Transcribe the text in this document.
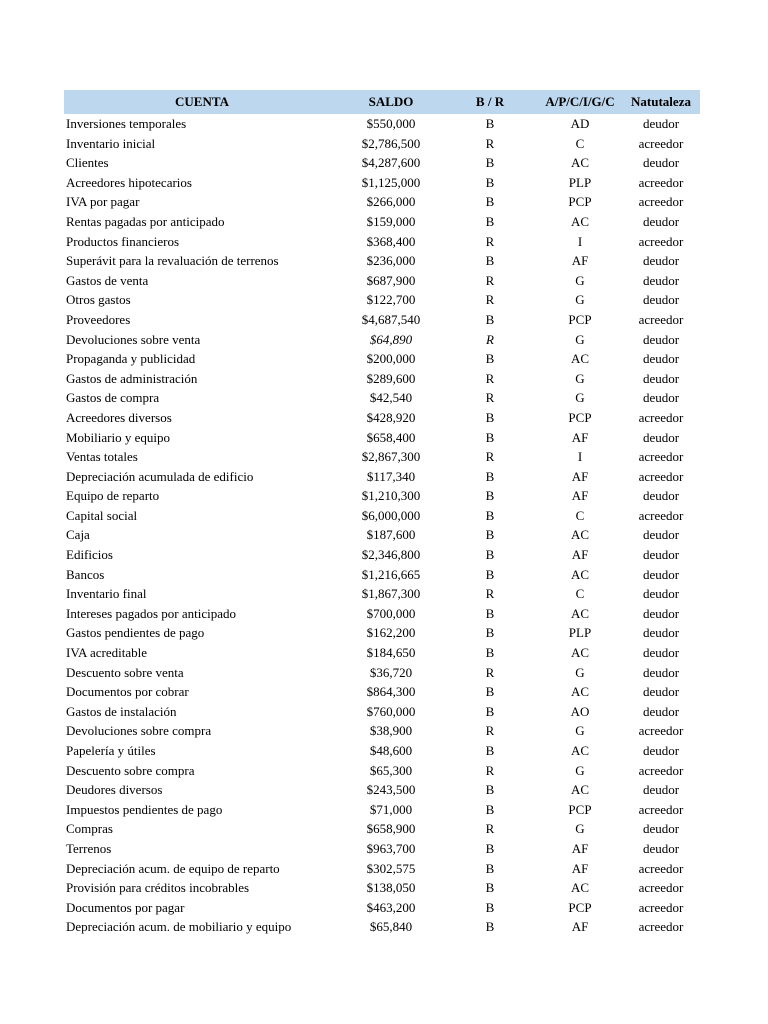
CUENTA	SALDO	B / R	A/P/C/I/G/C	Natutaleza
Inversiones temporales	$550,000	B	AD	deudor
Inventario inicial	$2,786,500	R	C	acreedor
Clientes	$4,287,600	B	AC	deudor
Acreedores hipotecarios	$1,125,000	B	PLP	acreedor
IVA por pagar	$266,000	B	PCP	acreedor
Rentas pagadas por anticipado	$159,000	B	AC	deudor
Productos financieros	$368,400	R	I	acreedor
Superávit para la revaluación de terrenos	$236,000	B	AF	deudor
Gastos de venta	$687,900	R	G	deudor
Otros gastos	$122,700	R	G	deudor
Proveedores	$4,687,540	B	PCP	acreedor
Devoluciones sobre venta	$64,890	R	G	deudor
Propaganda y publicidad	$200,000	B	AC	deudor
Gastos de administración	$289,600	R	G	deudor
Gastos de compra	$42,540	R	G	deudor
Acreedores diversos	$428,920	B	PCP	acreedor
Mobiliario y equipo	$658,400	B	AF	deudor
Ventas totales	$2,867,300	R	I	acreedor
Depreciación acumulada de edificio	$117,340	B	AF	acreedor
Equipo de reparto	$1,210,300	B	AF	deudor
Capital social	$6,000,000	B	C	acreedor
Caja	$187,600	B	AC	deudor
Edificios	$2,346,800	B	AF	deudor
Bancos	$1,216,665	B	AC	deudor
Inventario final	$1,867,300	R	C	deudor
Intereses pagados por anticipado	$700,000	B	AC	deudor
Gastos pendientes de pago	$162,200	B	PLP	deudor
IVA acreditable	$184,650	B	AC	deudor
Descuento sobre venta	$36,720	R	G	deudor
Documentos por cobrar	$864,300	B	AC	deudor
Gastos de instalación	$760,000	B	AO	deudor
Devoluciones sobre compra	$38,900	R	G	acreedor
Papelería y útiles	$48,600	B	AC	deudor
Descuento sobre compra	$65,300	R	G	acreedor
Deudores diversos	$243,500	B	AC	deudor
Impuestos pendientes de pago	$71,000	B	PCP	acreedor
Compras	$658,900	R	G	deudor
Terrenos	$963,700	B	AF	deudor
Depreciación acum. de equipo de reparto	$302,575	B	AF	acreedor
Provisión para créditos incobrables	$138,050	B	AC	acreedor
Documentos por pagar	$463,200	B	PCP	acreedor
Depreciación acum. de mobiliario y equipo	$65,840	B	AF	acreedor
